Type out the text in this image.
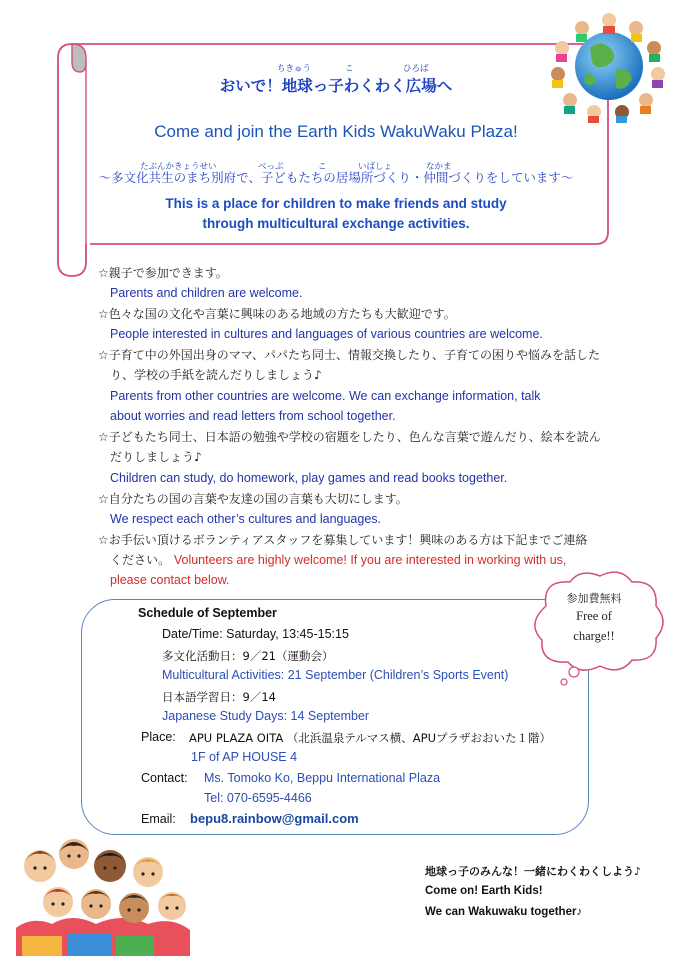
ちきゅう	こ	ひろば
おいで！地球っ子わくわく広場へ
Come and join the Earth Kids WakuWaku Plaza!
たぶんかきょうせい	べっぷ	こ	いばしょ	なかま
～多文化共生のまち別府で、子どもたちの居場所づくり・仲間づくりをしています～
This is a place for children to make friends and study
through multicultural exchange activities.
☆親子で参加できます。
Parents and children are welcome.
☆色々な国の文化や言葉に興味のある地域の方たちも大歓迎です。
People interested in cultures and languages of various countries are welcome.
☆子育て中の外国出身のママ、パパたち同士、情報交換したり、子育ての困りや悩みを話した
り、学校の手紙を読んだりしましょう♪
Parents from other countries are welcome. We can exchange information, talk
about worries and read letters from school together.
☆子どもたち同士、日本語の勉強や学校の宿題をしたり、色んな言葉で遊んだり、絵本を読ん
だりしましょう♪
Children can study, do homework, play games and read books together.
☆自分たちの国の言葉や友達の国の言葉も大切にします。
We respect each other’s cultures and languages.
☆お手伝い頂けるボランティアスタッフを募集しています！興味のある方は下記までご連絡
ください。 Volunteers are highly welcome! If you are interested in working with us,
please contact below.
Schedule of September
Date/Time: Saturday, 13:45-15:15
多文化活動日：9／21（運動会）
Multicultural Activities: 21 September (Children’s Sports Event)
日本語学習日：9／14
Japanese Study Days: 14 September
Place: APU PLAZA OITA （北浜温泉テルマス横、APUプラザおおいた１階）
1F of AP HOUSE 4
Contact: Ms. Tomoko Ko, Beppu International Plaza
Tel: 070-6595-4466
Email: bepu8.rainbow@gmail.com
参加費無料
Free of
charge!!
地球っ子のみんな！一緒にわくわくしよう♪
Come on! Earth Kids!
We can Wakuwaku together♪
